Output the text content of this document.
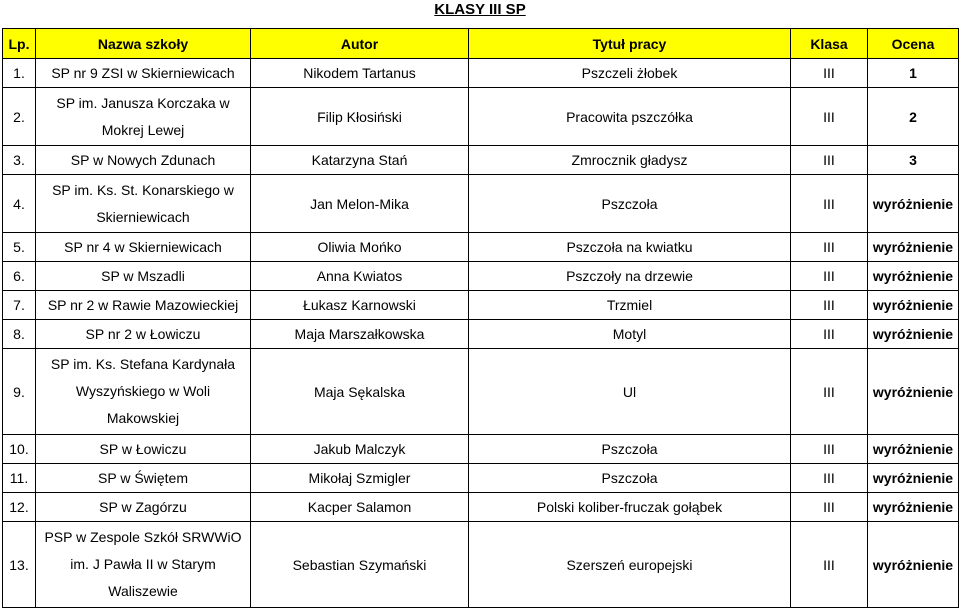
KLASY III SP
Lp.	Nazwa szkoły	Autor	Tytuł pracy	Klasa	Ocena

1.	SP nr 9 ZSI w Skierniewicach	Nikodem Tartanus	Pszczeli żłobek	III	1

2.	SP im. Janusza Korczaka w
Mokrej Lewej	Filip Kłosiński	Pracowita pszczółka	III	2

3.	SP w Nowych Zdunach	Katarzyna Stań	Zmrocznik gładysz	III	3

4.	SP im. Ks. St. Konarskiego w
Skierniewicach	Jan Melon-Mika	Pszczoła	III	wyróżnienie

5.	SP nr 4 w Skierniewicach	Oliwia Mońko	Pszczoła na kwiatku	III	wyróżnienie

6.	SP w Mszadli	Anna Kwiatos	Pszczoły na drzewie	III	wyróżnienie

7.	SP nr 2 w Rawie Mazowieckiej	Łukasz Karnowski	Trzmiel	III	wyróżnienie

8.	SP nr 2 w Łowiczu	Maja Marszałkowska	Motyl	III	wyróżnienie

9.	SP im. Ks. Stefana Kardynała
Wyszyńskiego w Woli
Makowskiej	Maja Sękalska	Ul	III	wyróżnienie

10.	SP w Łowiczu	Jakub Malczyk	Pszczoła	III	wyróżnienie

11.	SP w Świętem	Mikołaj Szmigler	Pszczoła	III	wyróżnienie

12.	SP w Zagórzu	Kacper Salamon	Polski koliber-fruczak gołąbek	III	wyróżnienie

13.	PSP w Zespole Szkół SRWWiO
im. J Pawła II w Starym
Waliszewie	Sebastian Szymański	Szerszeń europejski	III	wyróżnienie
